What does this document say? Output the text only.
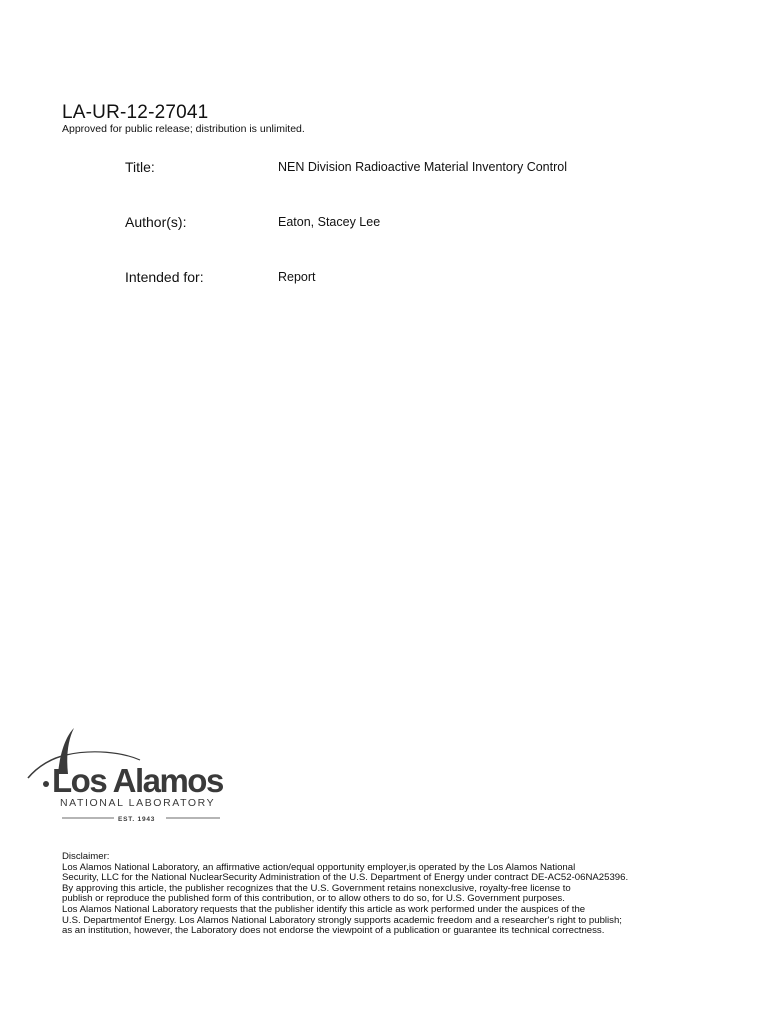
LA-UR-12-27041
Approved for public release; distribution is unlimited.
Title:	NEN Division Radioactive Material Inventory Control
Author(s):	Eaton, Stacey Lee
Intended for:	Report
Los Alamos
NATIONAL LABORATORY
EST. 1943
Disclaimer:
Los Alamos National Laboratory, an affirmative action/equal opportunity employer,is operated by the Los Alamos National
Security, LLC for the National NuclearSecurity Administration of the U.S. Department of Energy under contract DE-AC52-06NA25396.
By approving this article, the publisher recognizes that the U.S. Government retains nonexclusive, royalty-free license to
publish or reproduce the published form of this contribution, or to allow others to do so, for U.S. Government purposes.
Los Alamos National Laboratory requests that the publisher identify this article as work performed under the auspices of the
U.S. Departmentof Energy. Los Alamos National Laboratory strongly supports academic freedom and a researcher's right to publish;
as an institution, however, the Laboratory does not endorse the viewpoint of a publication or guarantee its technical correctness.
